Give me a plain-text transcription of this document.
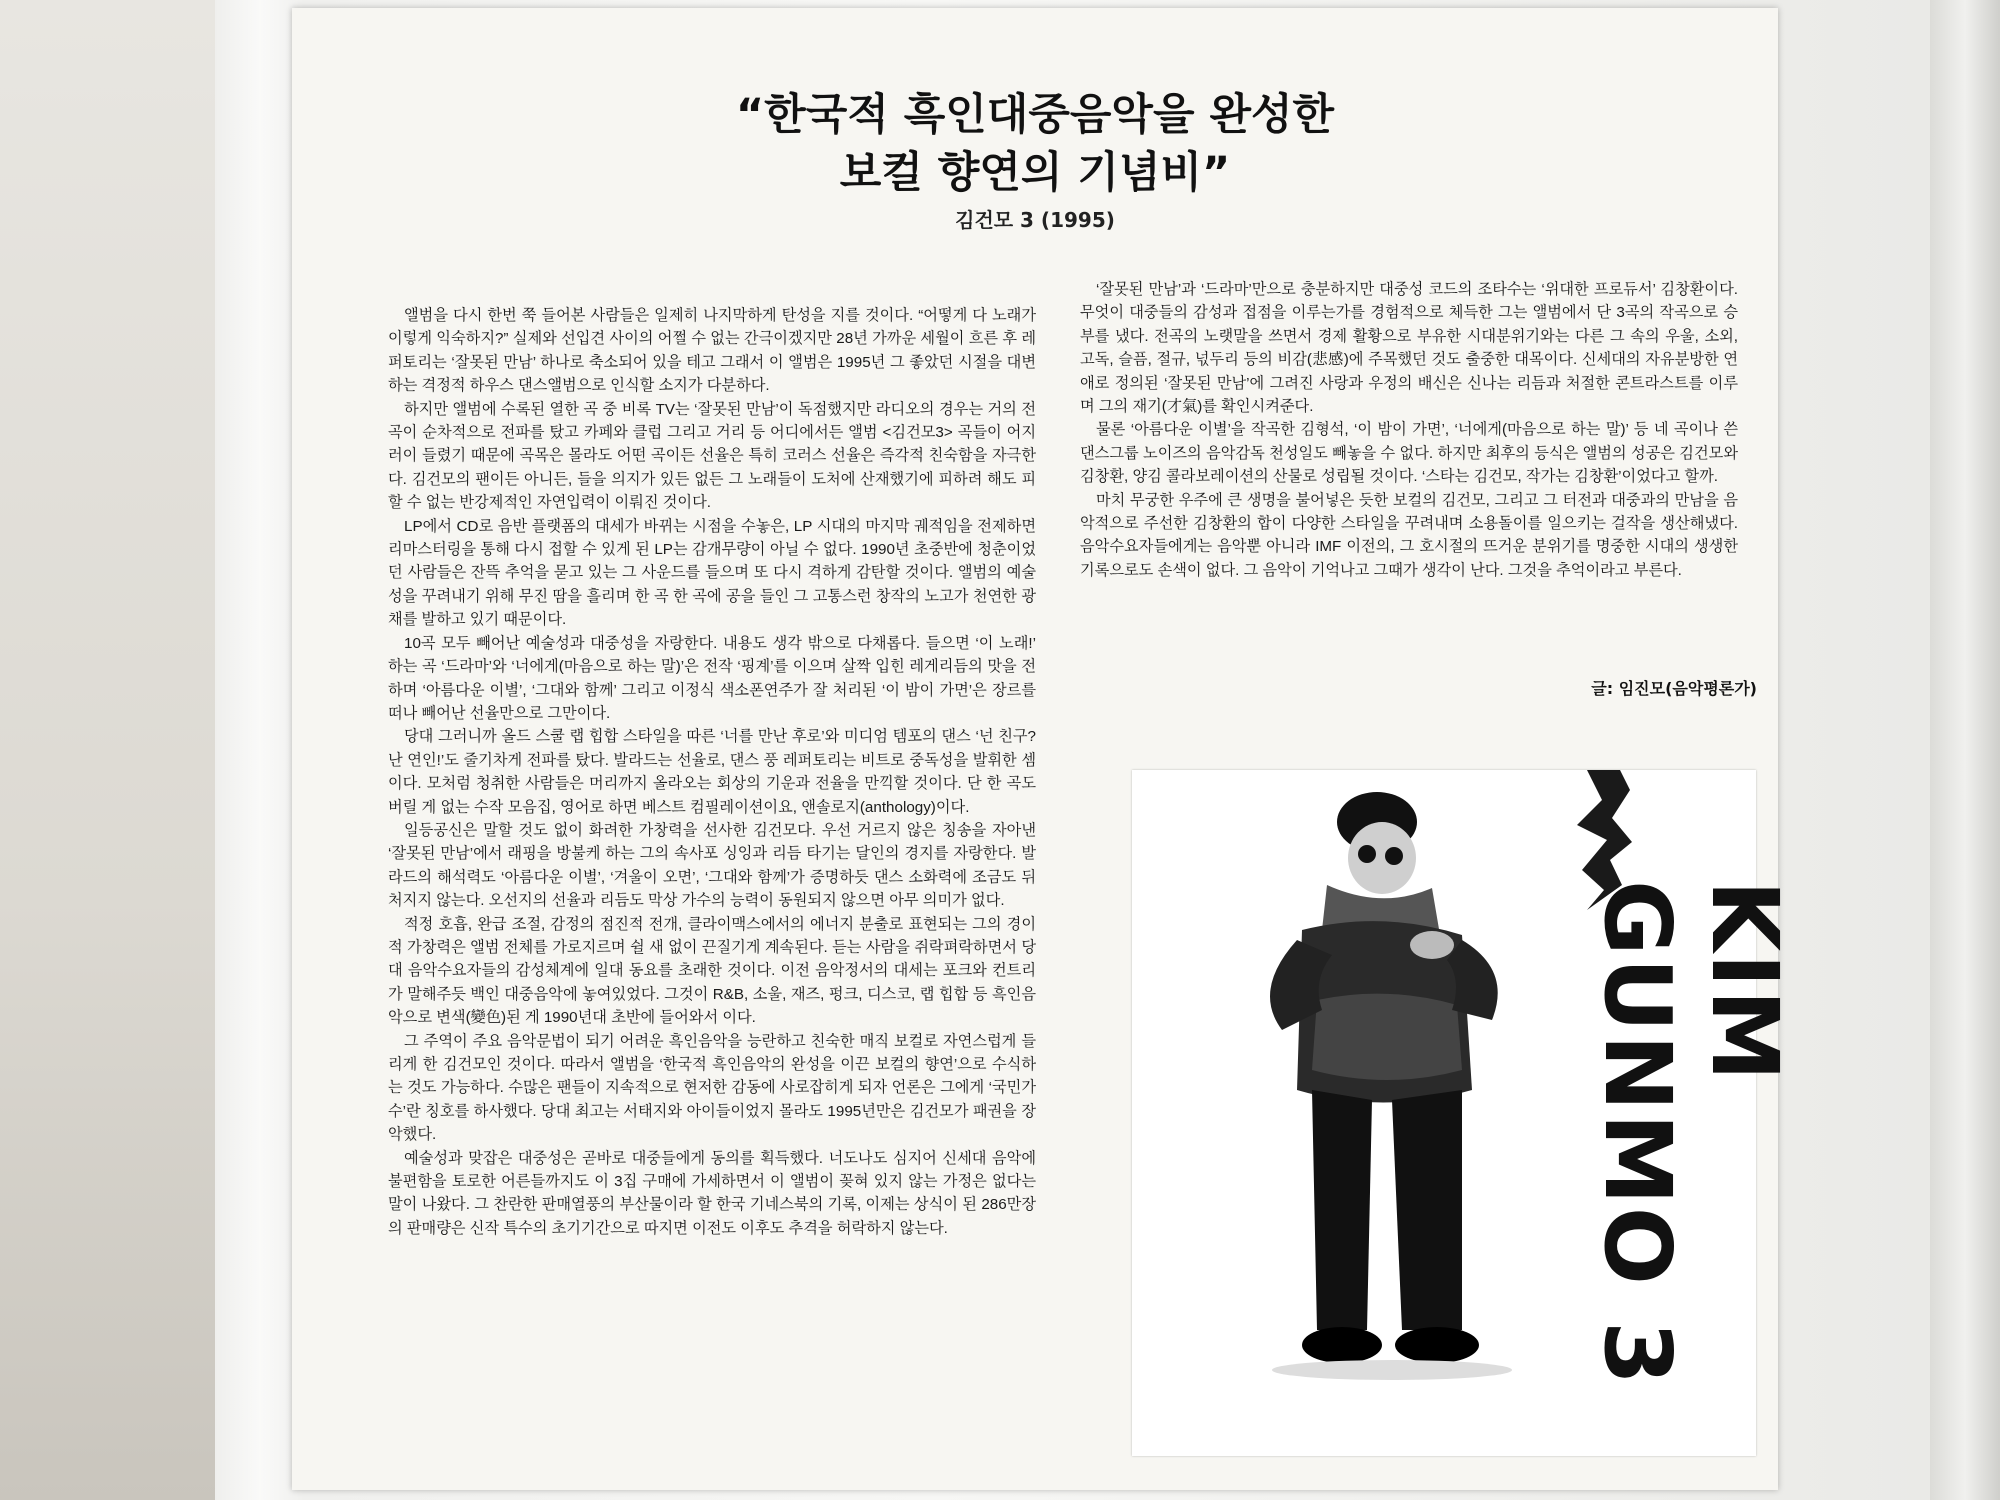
“한국적 흑인대중음악을 완성한
보컬 향연의 기념비”
김건모 3 (1995)

앨범을 다시 한번 쭉 들어본 사람들은 일제히 나지막하게 탄성을 지를 것이다. “어떻게 다 노래가 이렇게 익숙하지?” 실제와 선입견 사이의 어쩔 수 없는 간극이겠지만 28년 가까운 세월이 흐른 후 레퍼토리는 ‘잘못된 만남’ 하나로 축소되어 있을 테고 그래서 이 앨범은 1995년 그 좋았던 시절을 대변하는 격정적 하우스 댄스앨범으로 인식할 소지가 다분하다.

하지만 앨범에 수록된 열한 곡 중 비록 TV는 ‘잘못된 만남’이 독점했지만 라디오의 경우는 거의 전곡이 순차적으로 전파를 탔고 카페와 클럽 그리고 거리 등 어디에서든 앨범 <김건모3> 곡들이 어지러이 들렸기 때문에 곡목은 몰라도 어떤 곡이든 선율은 특히 코러스 선율은 즉각적 친숙함을 자극한다. 김건모의 팬이든 아니든, 들을 의지가 있든 없든 그 노래들이 도처에 산재했기에 피하려 해도 피할 수 없는 반강제적인 자연입력이 이뤄진 것이다.

LP에서 CD로 음반 플랫폼의 대세가 바뀌는 시점을 수놓은, LP 시대의 마지막 궤적임을 전제하면 리마스터링을 통해 다시 접할 수 있게 된 LP는 감개무량이 아닐 수 없다. 1990년 초중반에 청춘이었던 사람들은 잔뜩 추억을 묻고 있는 그 사운드를 들으며 또 다시 격하게 감탄할 것이다. 앨범의 예술성을 꾸려내기 위해 무진 땀을 흘리며 한 곡 한 곡에 공을 들인 그 고통스런 창작의 노고가 천연한 광채를 발하고 있기 때문이다.

10곡 모두 빼어난 예술성과 대중성을 자랑한다. 내용도 생각 밖으로 다채롭다. 들으면 ‘이 노래!’ 하는 곡 ‘드라마’와 ‘너에게(마음으로 하는 말)’은 전작 ‘핑계’를 이으며 살짝 입힌 레게리듬의 맛을 전하며 ‘아름다운 이별’, ‘그대와 함께’ 그리고 이정식 색소폰연주가 잘 처리된 ‘이 밤이 가면’은 장르를 떠나 빼어난 선율만으로 그만이다.

당대 그러니까 올드 스쿨 랩 힙합 스타일을 따른 ‘너를 만난 후로’와 미디엄 템포의 댄스 ‘넌 친구? 난 연인!’도 줄기차게 전파를 탔다. 발라드는 선율로, 댄스 풍 레퍼토리는 비트로 중독성을 발휘한 셈이다. 모처럼 청취한 사람들은 머리까지 올라오는 회상의 기운과 전율을 만끽할 것이다. 단 한 곡도 버릴 게 없는 수작 모음집, 영어로 하면 베스트 컴필레이션이요, 앤솔로지(anthology)이다.

일등공신은 말할 것도 없이 화려한 가창력을 선사한 김건모다. 우선 거르지 않은 칭송을 자아낸 ‘잘못된 만남’에서 래핑을 방불케 하는 그의 속사포 싱잉과 리듬 타기는 달인의 경지를 자랑한다. 발라드의 해석력도 ‘아름다운 이별’, ‘겨울이 오면’, ‘그대와 함께’가 증명하듯 댄스 소화력에 조금도 뒤처지지 않는다. 오선지의 선율과 리듬도 막상 가수의 능력이 동원되지 않으면 아무 의미가 없다.

적정 호흡, 완급 조절, 감정의 점진적 전개, 클라이맥스에서의 에너지 분출로 표현되는 그의 경이적 가창력은 앨범 전체를 가로지르며 쉴 새 없이 끈질기게 계속된다. 듣는 사람을 쥐락펴락하면서 당대 음악수요자들의 감성체계에 일대 동요를 초래한 것이다. 이전 음악정서의 대세는 포크와 컨트리가 말해주듯 백인 대중음악에 놓여있었다. 그것이 R&B, 소울, 재즈, 펑크, 디스코, 랩 힙합 등 흑인음악으로 변색(變色)된 게 1990년대 초반에 들어와서 이다.

그 주역이 주요 음악문법이 되기 어려운 흑인음악을 능란하고 친숙한 매직 보컬로 자연스럽게 들리게 한 김건모인 것이다. 따라서 앨범을 ‘한국적 흑인음악의 완성을 이끈 보컬의 향연’으로 수식하는 것도 가능하다. 수많은 팬들이 지속적으로 현저한 감동에 사로잡히게 되자 언론은 그에게 ‘국민가수’란 칭호를 하사했다. 당대 최고는 서태지와 아이들이었지 몰라도 1995년만은 김건모가 패권을 장악했다.

예술성과 맞잡은 대중성은 곧바로 대중들에게 동의를 획득했다. 너도나도 심지어 신세대 음악에 불편함을 토로한 어른들까지도 이 3집 구매에 가세하면서 이 앨범이 꽂혀 있지 않는 가정은 없다는 말이 나왔다. 그 찬란한 판매열풍의 부산물이라 할 한국 기네스북의 기록, 이제는 상식이 된 286만장의 판매량은 신작 특수의 초기기간으로 따지면 이전도 이후도 추격을 허락하지 않는다.

‘잘못된 만남’과 ‘드라마’만으로 충분하지만 대중성 코드의 조타수는 ‘위대한 프로듀서’ 김창환이다. 무엇이 대중들의 감성과 접점을 이루는가를 경험적으로 체득한 그는 앨범에서 단 3곡의 작곡으로 승부를 냈다. 전곡의 노랫말을 쓰면서 경제 활황으로 부유한 시대분위기와는 다른 그 속의 우울, 소외, 고독, 슬픔, 절규, 넋두리 등의 비감(悲感)에 주목했던 것도 출중한 대목이다. 신세대의 자유분방한 연애로 정의된 ‘잘못된 만남’에 그려진 사랑과 우정의 배신은 신나는 리듬과 처절한 콘트라스트를 이루며 그의 재기(才氣)를 확인시켜준다.

물론 ‘아름다운 이별’을 작곡한 김형석, ‘이 밤이 가면’, ‘너에게(마음으로 하는 말)’ 등 네 곡이나 쓴 댄스그룹 노이즈의 음악감독 천성일도 빼놓을 수 없다. 하지만 최후의 등식은 앨범의 성공은 김건모와 김창환, 양김 콜라보레이션의 산물로 성립될 것이다. ‘스타는 김건모, 작가는 김창환’이었다고 할까.

마치 무궁한 우주에 큰 생명을 불어넣은 듯한 보컬의 김건모, 그리고 그 터전과 대중과의 만남을 음악적으로 주선한 김창환의 합이 다양한 스타일을 꾸려내며 소용돌이를 일으키는 걸작을 생산해냈다. 음악수요자들에게는 음악뿐 아니라 IMF 이전의, 그 호시절의 뜨거운 분위기를 명중한 시대의 생생한 기록으로도 손색이 없다. 그 음악이 기억나고 그때가 생각이 난다. 그것을 추억이라고 부른다.

글: 임진모(음악평론가)
KIM GUNMO 3
